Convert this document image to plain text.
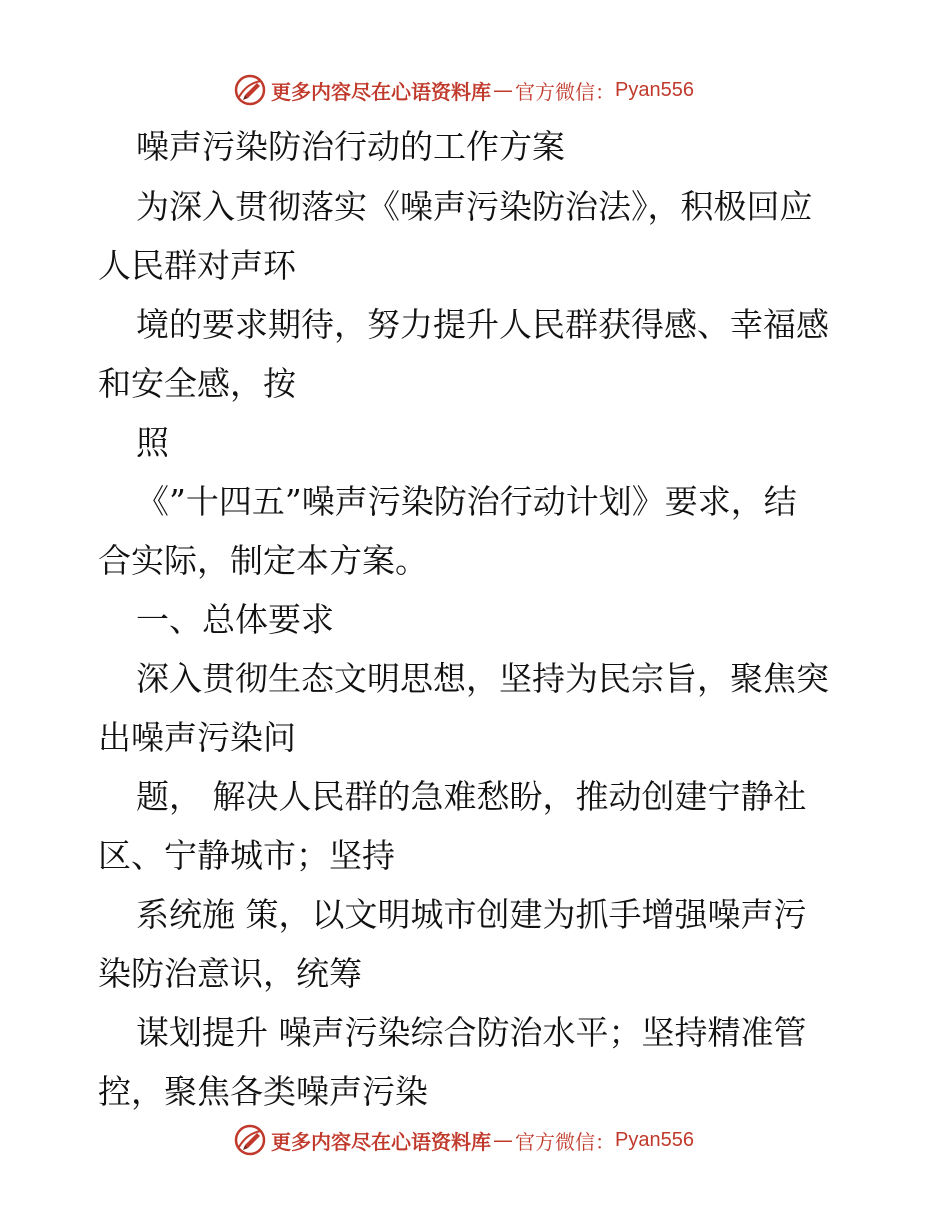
更多内容尽在心语资料库 — 官方微信： Pyan556
噪声污染防治行动的工作方案
为深入贯彻落实《噪声污染防治法》，积极回应
人民群对声环
境的要求期待，努力提升人民群获得感、幸福感
和安全感，按
照
《”十四五”噪声污染防治行动计划》要求，结
合实际，制定本方案。
一、总体要求
深入贯彻生态文明思想，坚持为民宗旨，聚焦突
出噪声污染问
题， 解决人民群的急难愁盼，推动创建宁静社
区、宁静城市；坚持
系统施 策，以文明城市创建为抓手增强噪声污
染防治意识，统筹
谋划提升 噪声污染综合防治水平；坚持精准管
控，聚焦各类噪声污染
更多内容尽在心语资料库 — 官方微信： Pyan556
